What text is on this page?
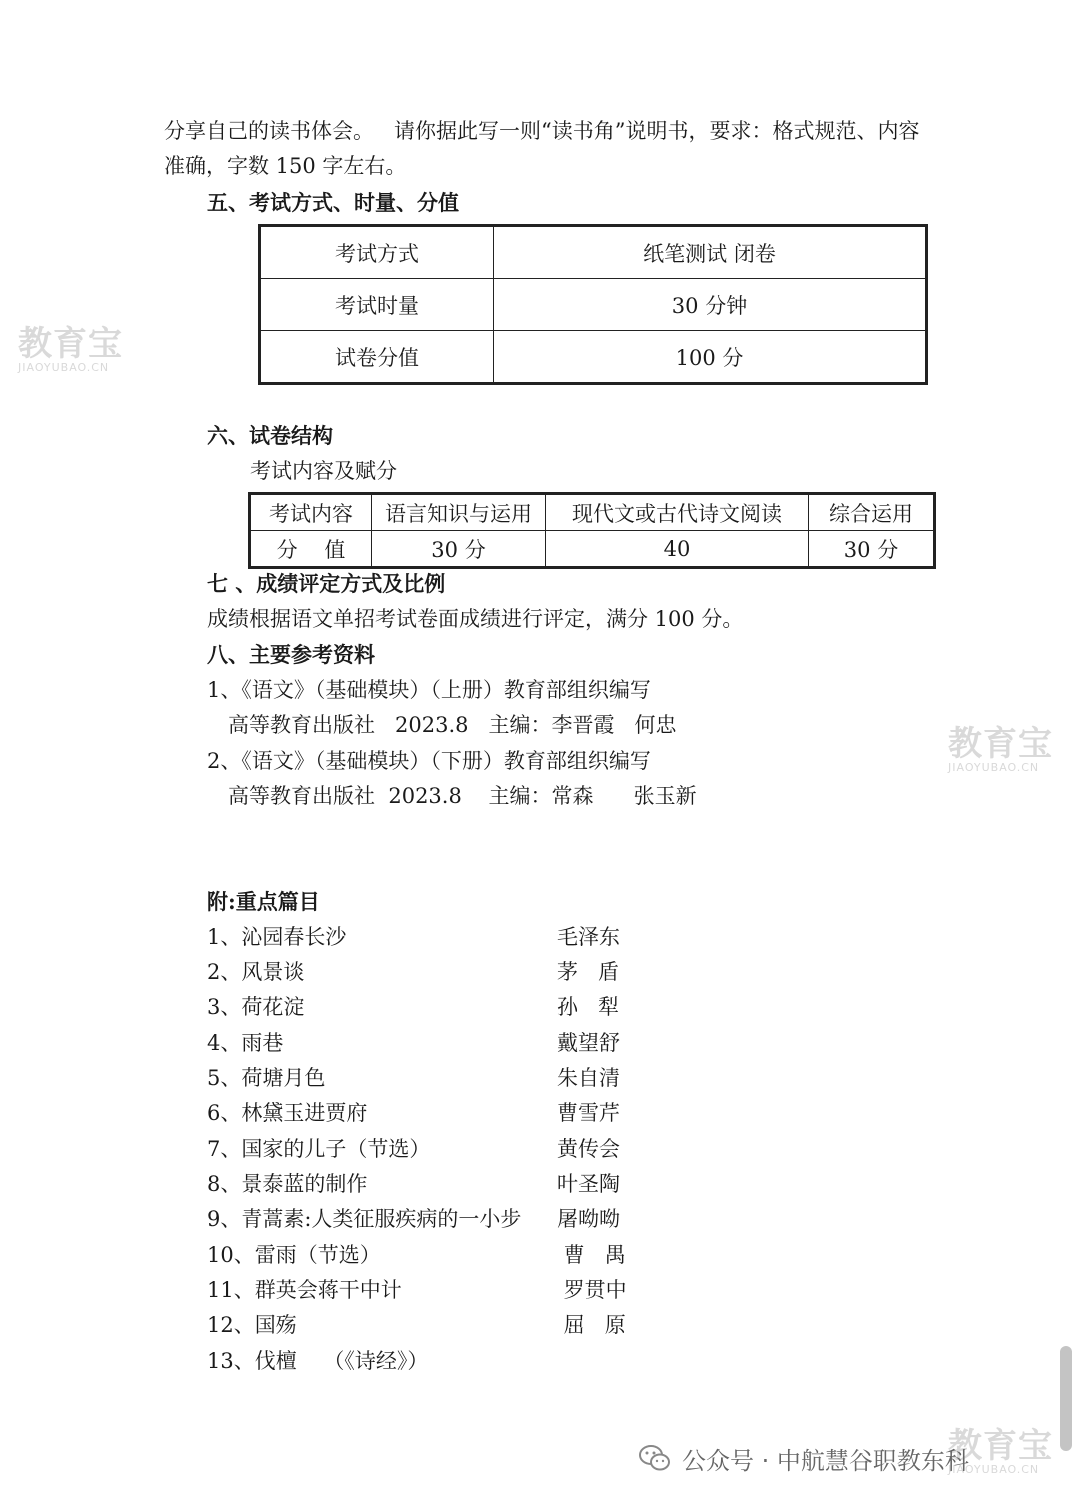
分享自己的读书体会。   请你据此写一则“读书角”说明书，要求：格式规范、内容
准确，字数 150 字左右。
五、考试方式、时量、分值
考试方式	纸笔测试 闭卷
考试时量	30 分钟
试卷分值	100 分
六、试卷结构
考试内容及赋分
考试内容	语言知识与运用	现代文或古代诗文阅读	综合运用
分    值	30 分	40	30 分
七 、成绩评定方式及比例
成绩根据语文单招考试卷面成绩进行评定，满分 100 分。
八、主要参考资料
1、《语文》（基础模块）（上册）教育部组织编写
高等教育出版社   2023.8   主编：李晋霞   何忠
2、《语文》（基础模块）（下册）教育部组织编写
高等教育出版社  2023.8    主编：常森      张玉新
附:重点篇目
1、沁园春长沙	毛泽东
2、风景谈	茅   盾
3、荷花淀	孙   犁
4、雨巷	戴望舒
5、荷塘月色	朱自清
6、林黛玉进贾府	曹雪芹
7、国家的儿子（节选）	黄传会
8、景泰蓝的制作	叶圣陶
9、青蒿素:人类征服疾病的一小步 屠呦呦
10、雷雨（节选）	曹   禺
11、群英会蒋干中计	罗贯中
12、国殇	屈   原
13、伐檀    （《诗经》）
教育宝
JIAOYUBAO.CN
教育宝
JIAOYUBAO.CN
教育宝
JIAOYUBAO.CN
公众号 · 中航慧谷职教东科
